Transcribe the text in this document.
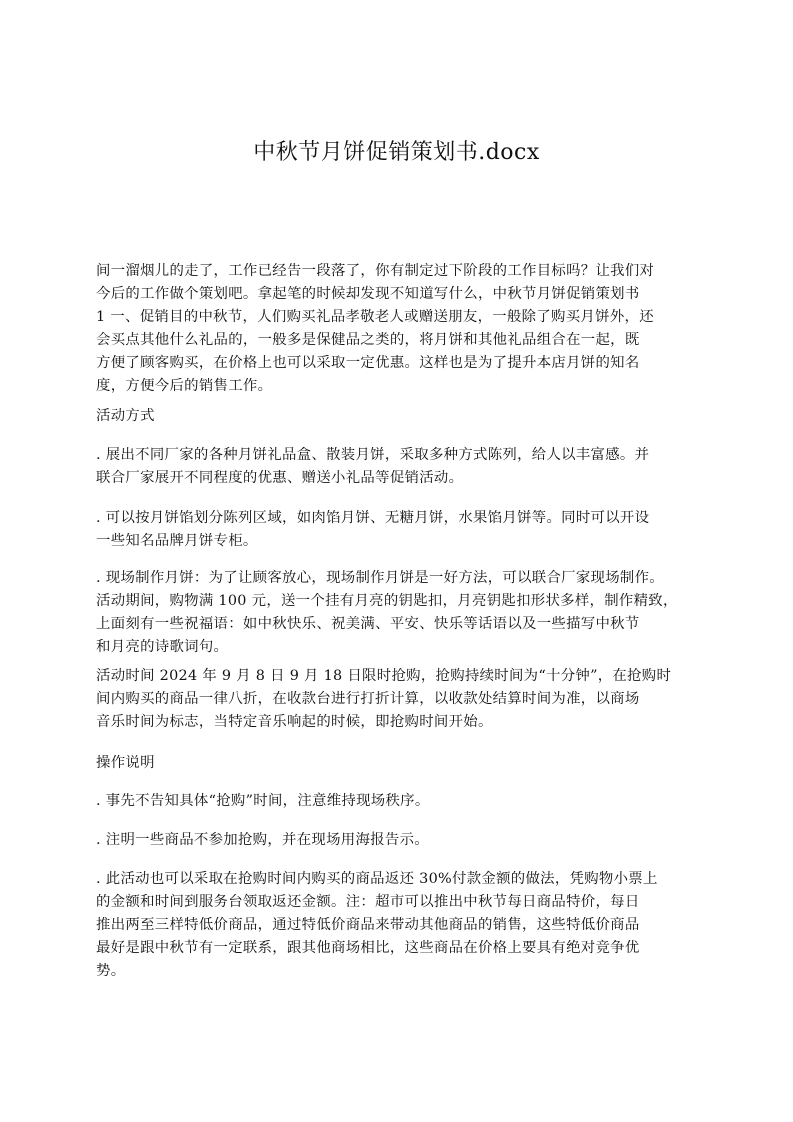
中秋节月饼促销策划书.docx
间一溜烟儿的走了，工作已经告一段落了，你有制定过下阶段的工作目标吗？让我们对
今后的工作做个策划吧。拿起笔的时候却发现不知道写什么，中秋节月饼促销策划书
1 一、促销目的中秋节，人们购买礼品孝敬老人或赠送朋友，一般除了购买月饼外，还
会买点其他什么礼品的，一般多是保健品之类的，将月饼和其他礼品组合在一起，既
方便了顾客购买，在价格上也可以采取一定优惠。这样也是为了提升本店月饼的知名
度，方便今后的销售工作。
活动方式
. 展出不同厂家的各种月饼礼品盒、散装月饼，采取多种方式陈列，给人以丰富感。并
联合厂家展开不同程度的优惠、赠送小礼品等促销活动。
. 可以按月饼馅划分陈列区域，如肉馅月饼、无糖月饼，水果馅月饼等。同时可以开设
一些知名品牌月饼专柜。
. 现场制作月饼：为了让顾客放心，现场制作月饼是一好方法，可以联合厂家现场制作。
活动期间，购物满 100 元，送一个挂有月亮的钥匙扣，月亮钥匙扣形状多样，制作精致，
上面刻有一些祝福语：如中秋快乐、祝美满、平安、快乐等话语以及一些描写中秋节
和月亮的诗歌词句。
活动时间 2024 年 9 月 8 日 9 月 18 日限时抢购，抢购持续时间为“十分钟”，在抢购时
间内购买的商品一律八折，在收款台进行打折计算，以收款处结算时间为准，以商场
音乐时间为标志，当特定音乐响起的时候，即抢购时间开始。
操作说明
. 事先不告知具体“抢购”时间，注意维持现场秩序。
. 注明一些商品不参加抢购，并在现场用海报告示。
. 此活动也可以采取在抢购时间内购买的商品返还 30%付款金额的做法，凭购物小票上
的金额和时间到服务台领取返还金额。注：超市可以推出中秋节每日商品特价，每日
推出两至三样特低价商品，通过特低价商品来带动其他商品的销售，这些特低价商品
最好是跟中秋节有一定联系，跟其他商场相比，这些商品在价格上要具有绝对竞争优
势。
